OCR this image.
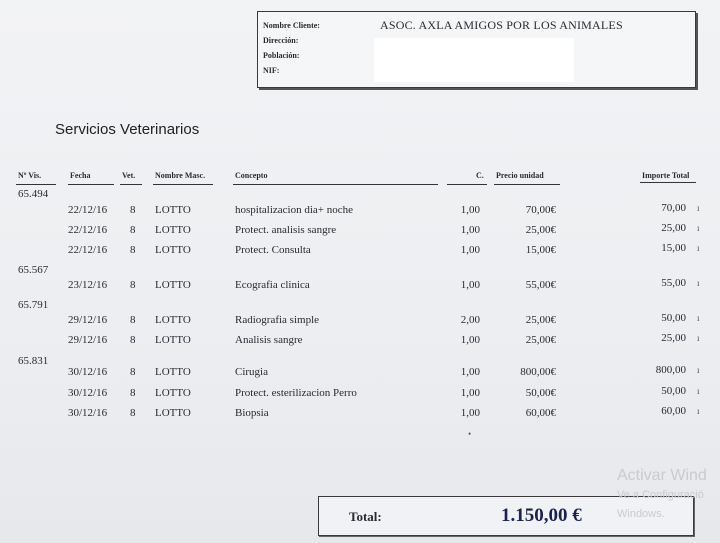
Nombre Cliente:	ASOC. AXLA AMIGOS POR LOS ANIMALES
Dirección:
Población:
NIF:
Servicios Veterinarios
Nº Vis.	Fecha	Vet. Nombre Masc.	Concepto	C. Precio unidad	Importe Total
65.494
22/12/16 8 LOTTO	hospitalizacion dia+ noche	1,00	70,00€	70,00 ı
22/12/16 8 LOTTO	Protect. analisis sangre	1,00	25,00€	25,00 ı
22/12/16 8 LOTTO	Protect. Consulta	1,00	15,00€	15,00 ı
65.567
23/12/16 8 LOTTO	Ecografia clinica	1,00	55,00€	55,00 ı
65.791
29/12/16 8 LOTTO	Radiografia simple	2,00	25,00€	50,00 ı
29/12/16 8 LOTTO	Analisis sangre	1,00	25,00€	25,00 ı
65.831
30/12/16 8 LOTTO	Cirugia	1,00	800,00€	800,00 ı
30/12/16 8 LOTTO	Protect. esterilizacion Perro	1,00	50,00€	50,00 ı
30/12/16 8 LOTTO	Biopsia	1,00	60,00€	60,00 ı
•
Total:	1.150,00 €
Activar Wind
Ve a Configuració
Windows.
